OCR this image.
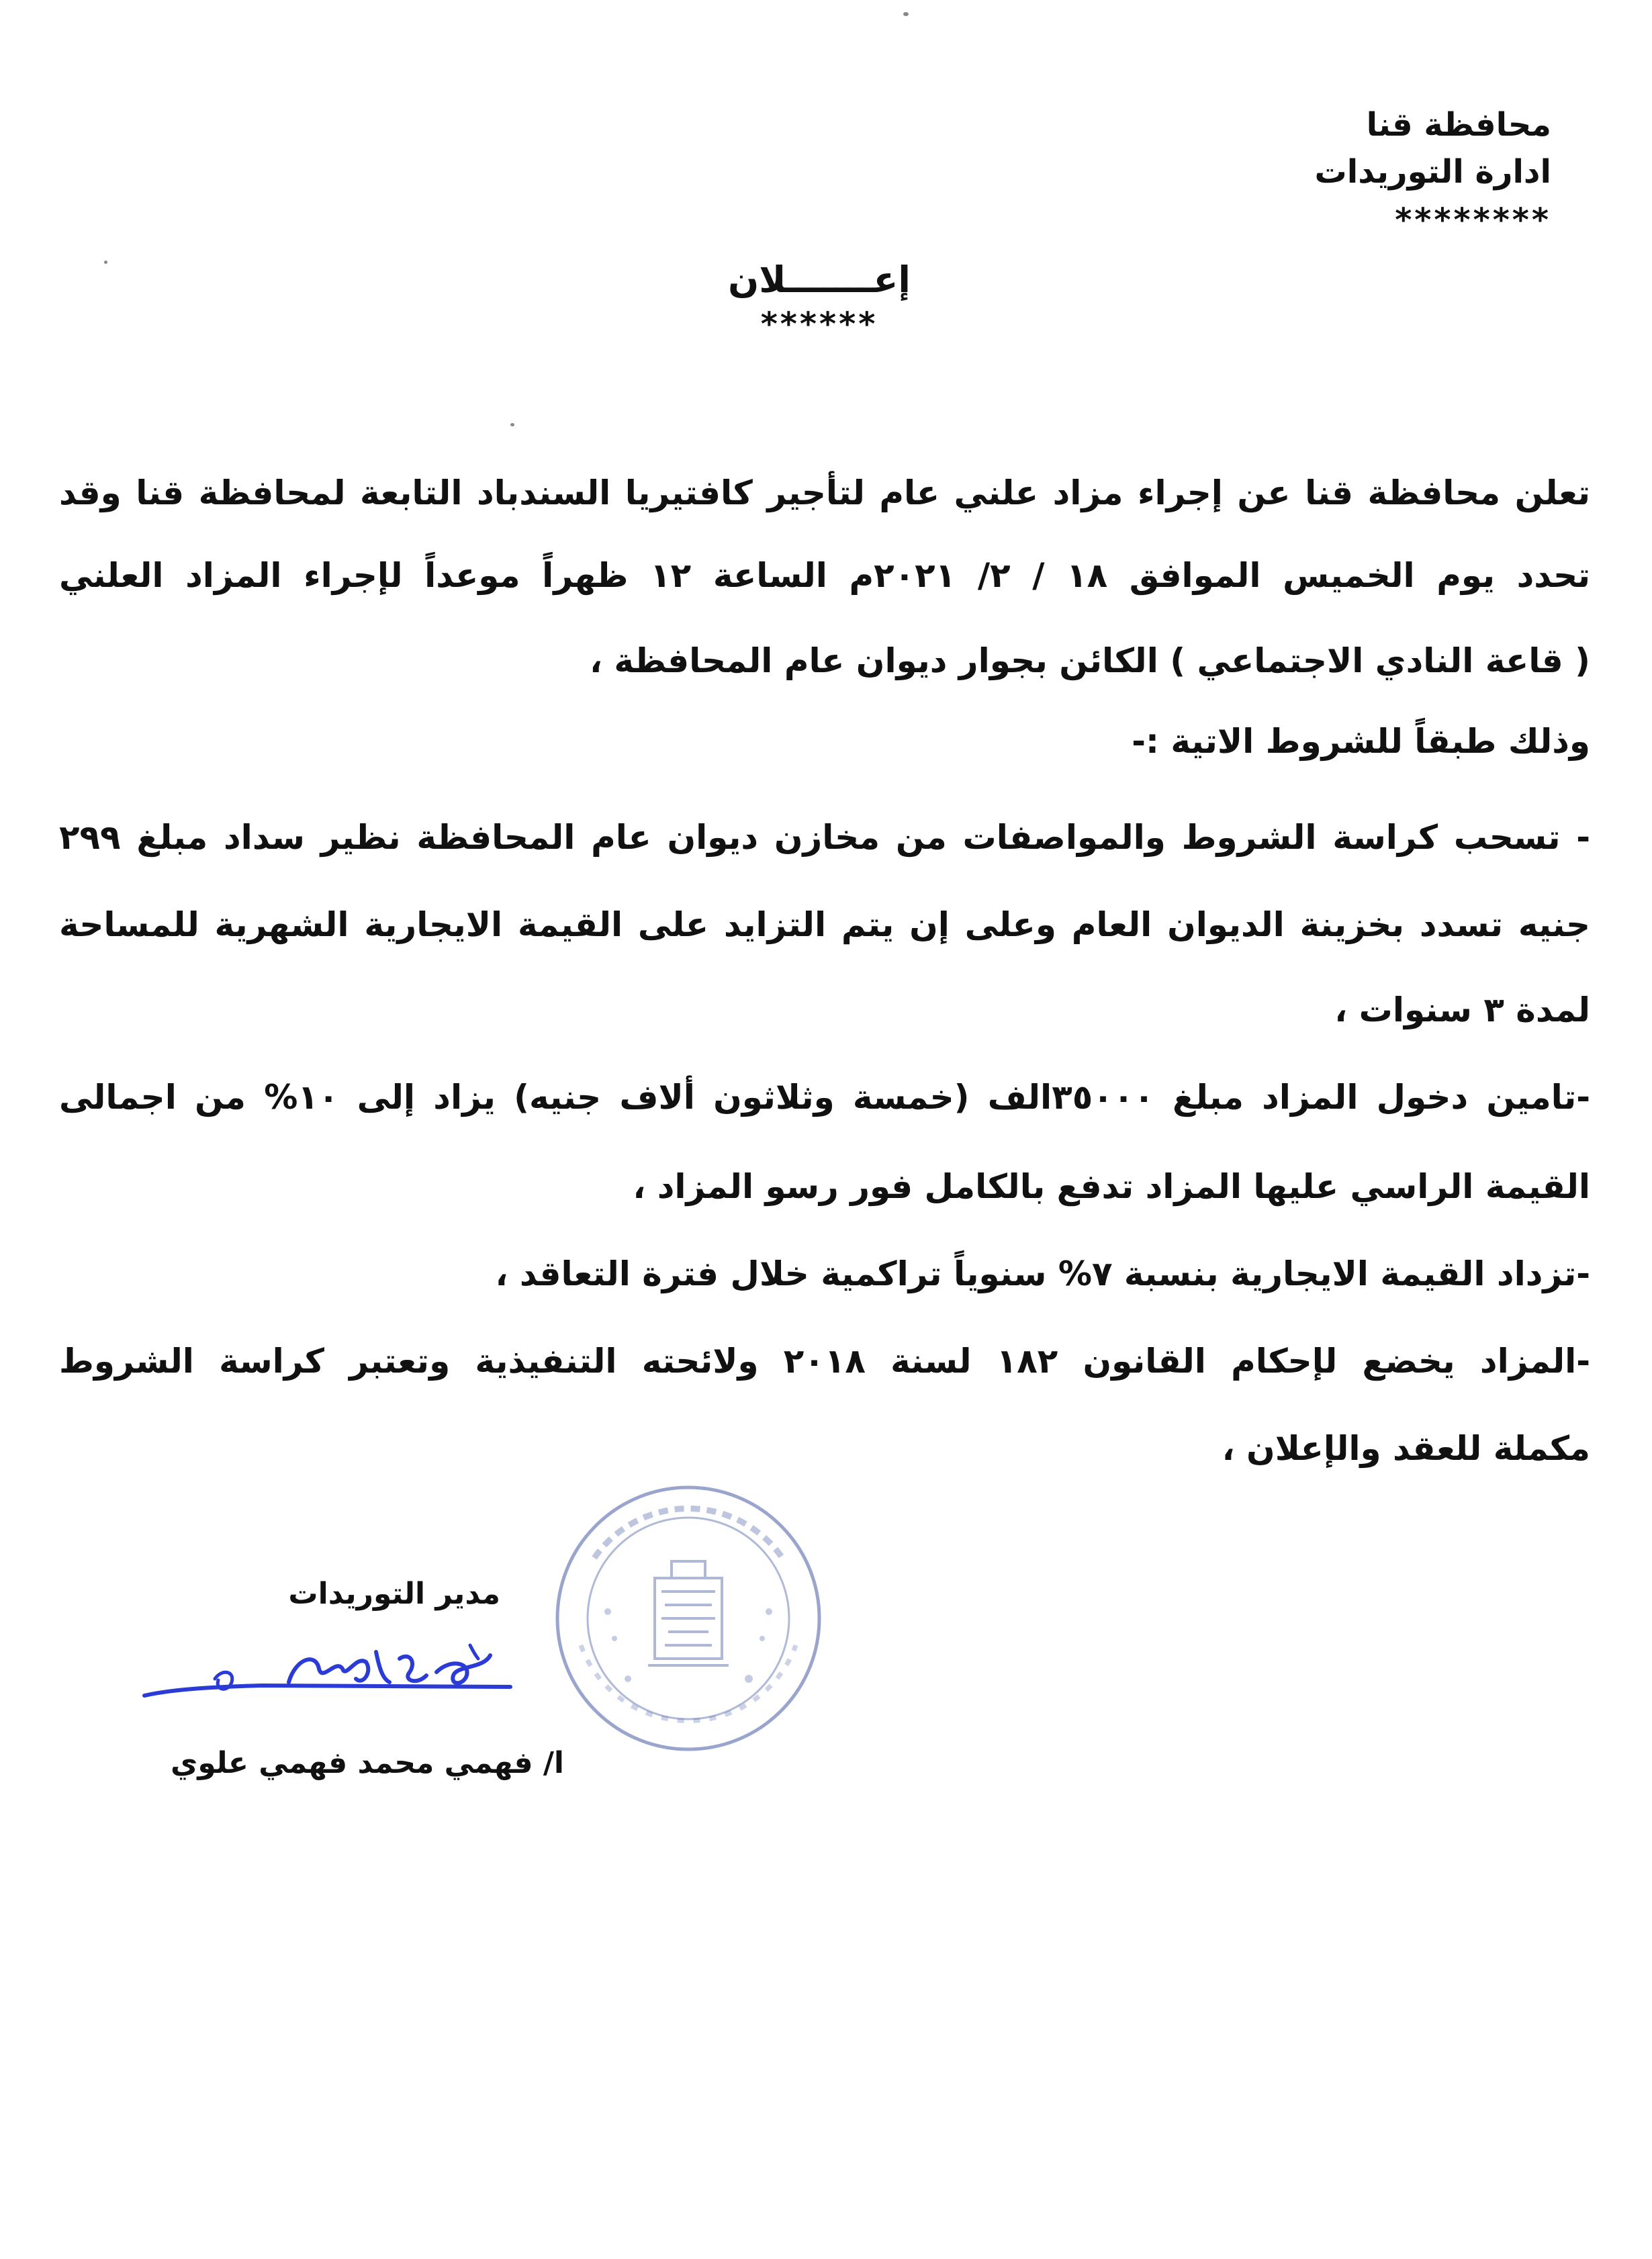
محافظة قنا
ادارة التوريدات
********
إعـــــــلان
******
تعلن محافظة قنا عن إجراء مزاد علني عام لتأجير كافتيريا السندباد التابعة لمحافظة قنا وقد
تحدد يوم الخميس الموافق ١٨ / ٢/ ٢٠٢١م الساعة ١٢ ظهراً موعداً لإجراء المزاد العلني
( قاعة النادي الاجتماعي ) الكائن بجوار ديوان عام المحافظة ،
وذلك طبقاً للشروط الاتية :-
- تسحب كراسة الشروط والمواصفات من مخازن ديوان عام المحافظة نظير سداد مبلغ ٢٩٩
جنيه تسدد بخزينة الديوان العام وعلى إن يتم التزايد على القيمة الايجارية الشهرية للمساحة
لمدة ٣ سنوات ،
-تامين دخول المزاد مبلغ ٣٥٠٠٠الف (خمسة وثلاثون ألاف جنيه) يزاد إلى ١٠% من اجمالى
القيمة الراسي عليها المزاد تدفع بالكامل فور رسو المزاد ،
-تزداد القيمة الايجارية بنسبة ٧% سنوياً تراكمية خلال فترة التعاقد ،
-المزاد يخضع لإحكام القانون ١٨٢ لسنة ٢٠١٨ ولائحته التنفيذية وتعتبر كراسة الشروط
مكملة للعقد والإعلان ،
مدير التوريدات
ا/ فهمي محمد فهمي علوي
